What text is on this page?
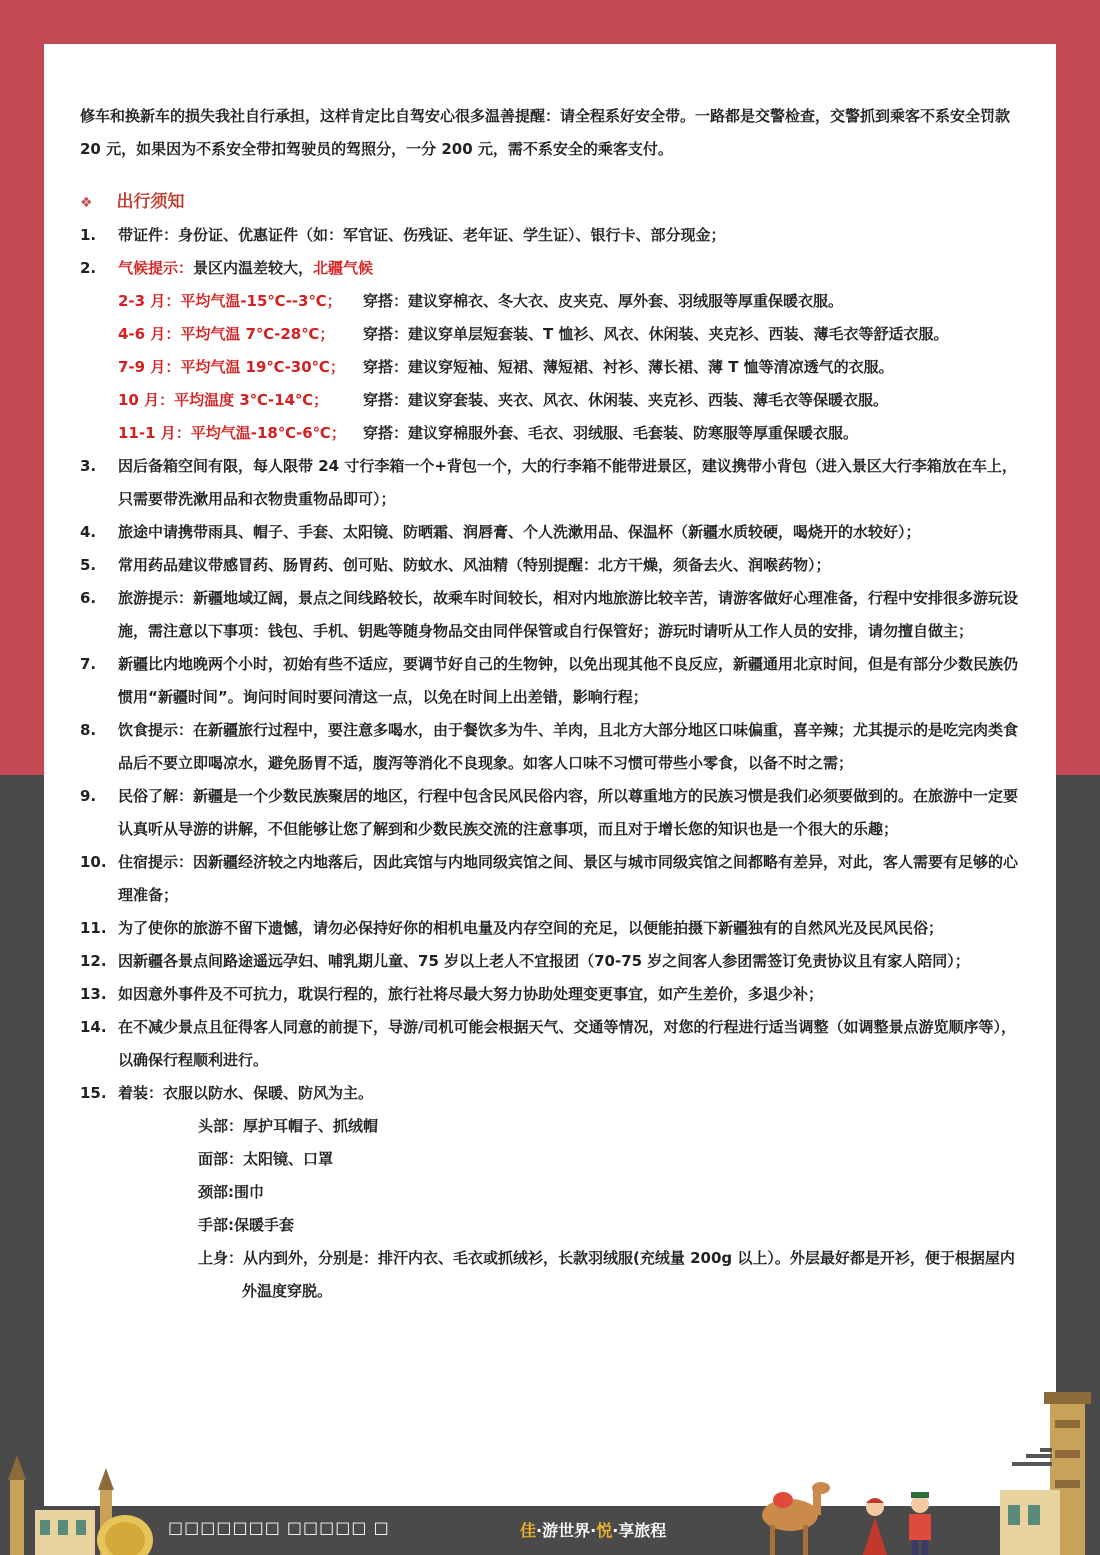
修车和换新车的损失我社自行承担，这样肯定比自驾安心很多温善提醒：请全程系好安全带。一路都是交警检查，交警抓到乘客不系安全罚款 20 元，如果因为不系安全带扣驾驶员的驾照分，一分 200 元，需不系安全的乘客支付。

❖ 出行须知
1.	带证件：身份证、优惠证件（如：军官证、伤残证、老年证、学生证）、银行卡、部分现金；
2.	气候提示：景区内温差较大，北疆气候
2-3 月：平均气温-15℃--3℃；	穿搭：建议穿棉衣、冬大衣、皮夹克、厚外套、羽绒服等厚重保暖衣服。
4-6 月：平均气温 7℃-28℃；	穿搭：建议穿单层短套装、T 恤衫、风衣、休闲装、夹克衫、西装、薄毛衣等舒适衣服。
7-9 月：平均气温 19℃-30℃；	穿搭：建议穿短袖、短裙、薄短裙、衬衫、薄长裙、薄 T 恤等清凉透气的衣服。
10 月：平均温度 3℃-14℃；	穿搭：建议穿套装、夹衣、风衣、休闲装、夹克衫、西装、薄毛衣等保暖衣服。
11-1 月：平均气温-18℃-6℃；	穿搭：建议穿棉服外套、毛衣、羽绒服、毛套装、防寒服等厚重保暖衣服。
3.	因后备箱空间有限，每人限带 24 寸行李箱一个+背包一个，大的行李箱不能带进景区，建议携带小背包（进入景区大行李箱放在车上，只需要带洗漱用品和衣物贵重物品即可）；
4.	旅途中请携带雨具、帽子、手套、太阳镜、防晒霜、润唇膏、个人洗漱用品、保温杯（新疆水质较硬，喝烧开的水较好）；
5.	常用药品建议带感冒药、肠胃药、创可贴、防蚊水、风油精（特别提醒：北方干燥，须备去火、润喉药物）；
6.	旅游提示：新疆地域辽阔，景点之间线路较长，故乘车时间较长，相对内地旅游比较辛苦，请游客做好心理准备，行程中安排很多游玩设施，需注意以下事项：钱包、手机、钥匙等随身物品交由同伴保管或自行保管好；游玩时请听从工作人员的安排，请勿擅自做主；
7.	新疆比内地晚两个小时，初始有些不适应，要调节好自己的生物钟，以免出现其他不良反应，新疆通用北京时间，但是有部分少数民族仍惯用“新疆时间”。询问时间时要问清这一点，以免在时间上出差错，影响行程；
8.	饮食提示：在新疆旅行过程中，要注意多喝水，由于餐饮多为牛、羊肉，且北方大部分地区口味偏重，喜辛辣；尤其提示的是吃完肉类食品后不要立即喝凉水，避免肠胃不适，腹泻等消化不良现象。如客人口味不习惯可带些小零食，以备不时之需；
9.	民俗了解：新疆是一个少数民族聚居的地区，行程中包含民风民俗内容，所以尊重地方的民族习惯是我们必须要做到的。在旅游中一定要认真听从导游的讲解，不但能够让您了解到和少数民族交流的注意事项，而且对于增长您的知识也是一个很大的乐趣；
10. 住宿提示：因新疆经济较之内地落后，因此宾馆与内地同级宾馆之间、景区与城市同级宾馆之间都略有差异，对此，客人需要有足够的心理准备；
11. 为了使你的旅游不留下遗憾，请勿必保持好你的相机电量及内存空间的充足，以便能拍摄下新疆独有的自然风光及民风民俗；
12. 因新疆各景点间路途遥远孕妇、哺乳期儿童、75 岁以上老人不宜报团（70-75 岁之间客人参团需签订免责协议且有家人陪同）；
13. 如因意外事件及不可抗力，耽误行程的，旅行社将尽最大努力协助处理变更事宜，如产生差价，多退少补；
14. 在不减少景点且征得客人同意的前提下，导游/司机可能会根据天气、交通等情况，对您的行程进行适当调整（如调整景点游览顺序等），以确保行程顺利进行。
15. 着装：衣服以防水、保暖、防风为主。
头部：厚护耳帽子、抓绒帽
面部：太阳镜、口罩
颈部:围巾
手部:保暖手套
上身：从内到外，分别是：排汗内衣、毛衣或抓绒衫，长款羽绒服(充绒量 200g 以上）。外层最好都是开衫，便于根据屋内外温度穿脱。
□□□□□□□ □□□□□ □	佳·游世界·悦·享旅程
